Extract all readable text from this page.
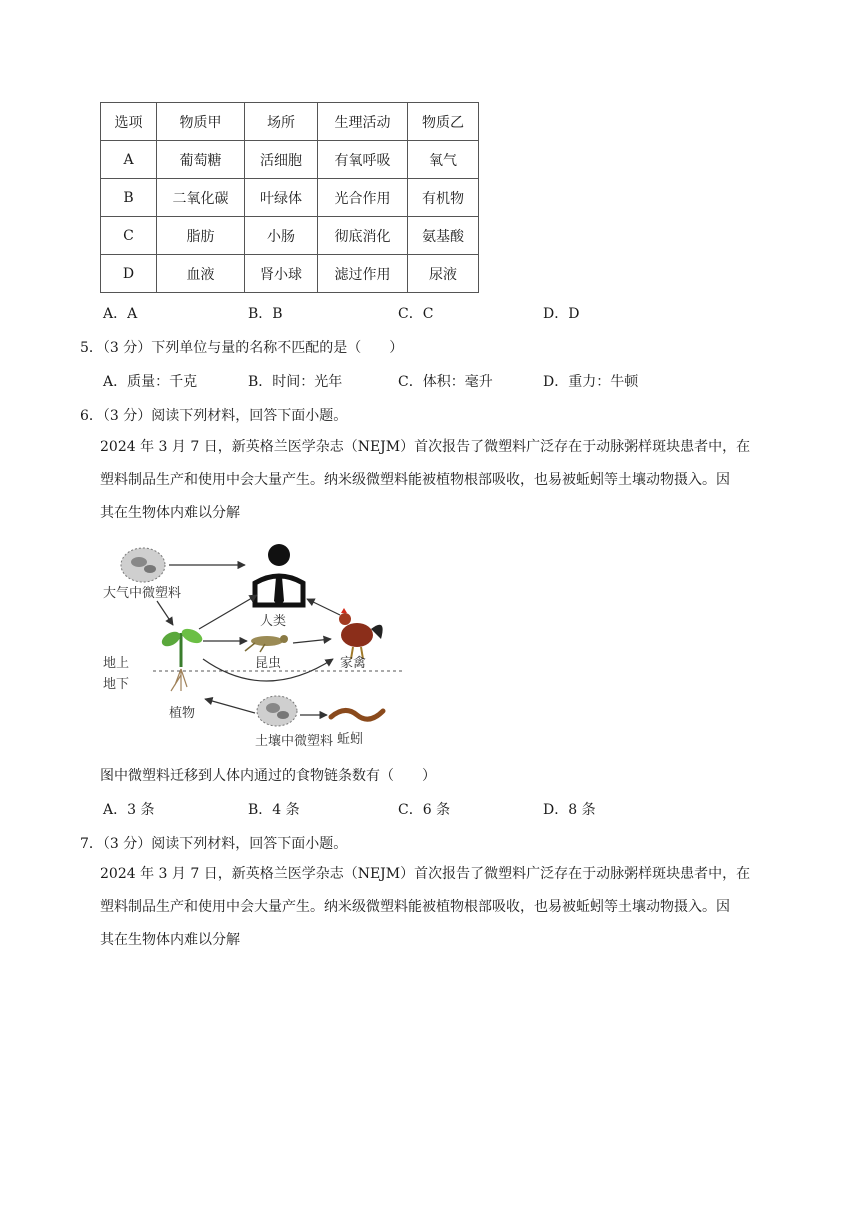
选项	物质甲	场所	生理活动	物质乙
A	葡萄糖	活细胞	有氧呼吸	氧气
B	二氧化碳	叶绿体	光合作用	有机物
C	脂肪	小肠	彻底消化	氨基酸
D	血液	肾小球	滤过作用	尿液
A．A	B．B	C．C	D．D
5．（3 分）下列单位与量的名称不匹配的是（　　）
A．质量：千克	B．时间：光年	C．体积：毫升	D．重力：牛顿
6．（3 分）阅读下列材料，回答下面小题。
2024 年 3 月 7 日，新英格兰医学杂志（NEJM）首次报告了微塑料广泛存在于动脉粥样斑块患者中，在
塑料制品生产和使用中会大量产生。纳米级微塑料能被植物根部吸收，也易被蚯蚓等土壤动物摄入。因
其在生物体内难以分解
大气中微塑料
人类
植物
昆虫	家禽
地上
地下
土壤中微塑料 蚯蚓
图中微塑料迁移到人体内通过的食物链条数有（　　）
A．3 条	B．4 条	C．6 条	D．8 条
7．（3 分）阅读下列材料，回答下面小题。
2024 年 3 月 7 日，新英格兰医学杂志（NEJM）首次报告了微塑料广泛存在于动脉粥样斑块患者中，在
塑料制品生产和使用中会大量产生。纳米级微塑料能被植物根部吸收，也易被蚯蚓等土壤动物摄入。因
其在生物体内难以分解
